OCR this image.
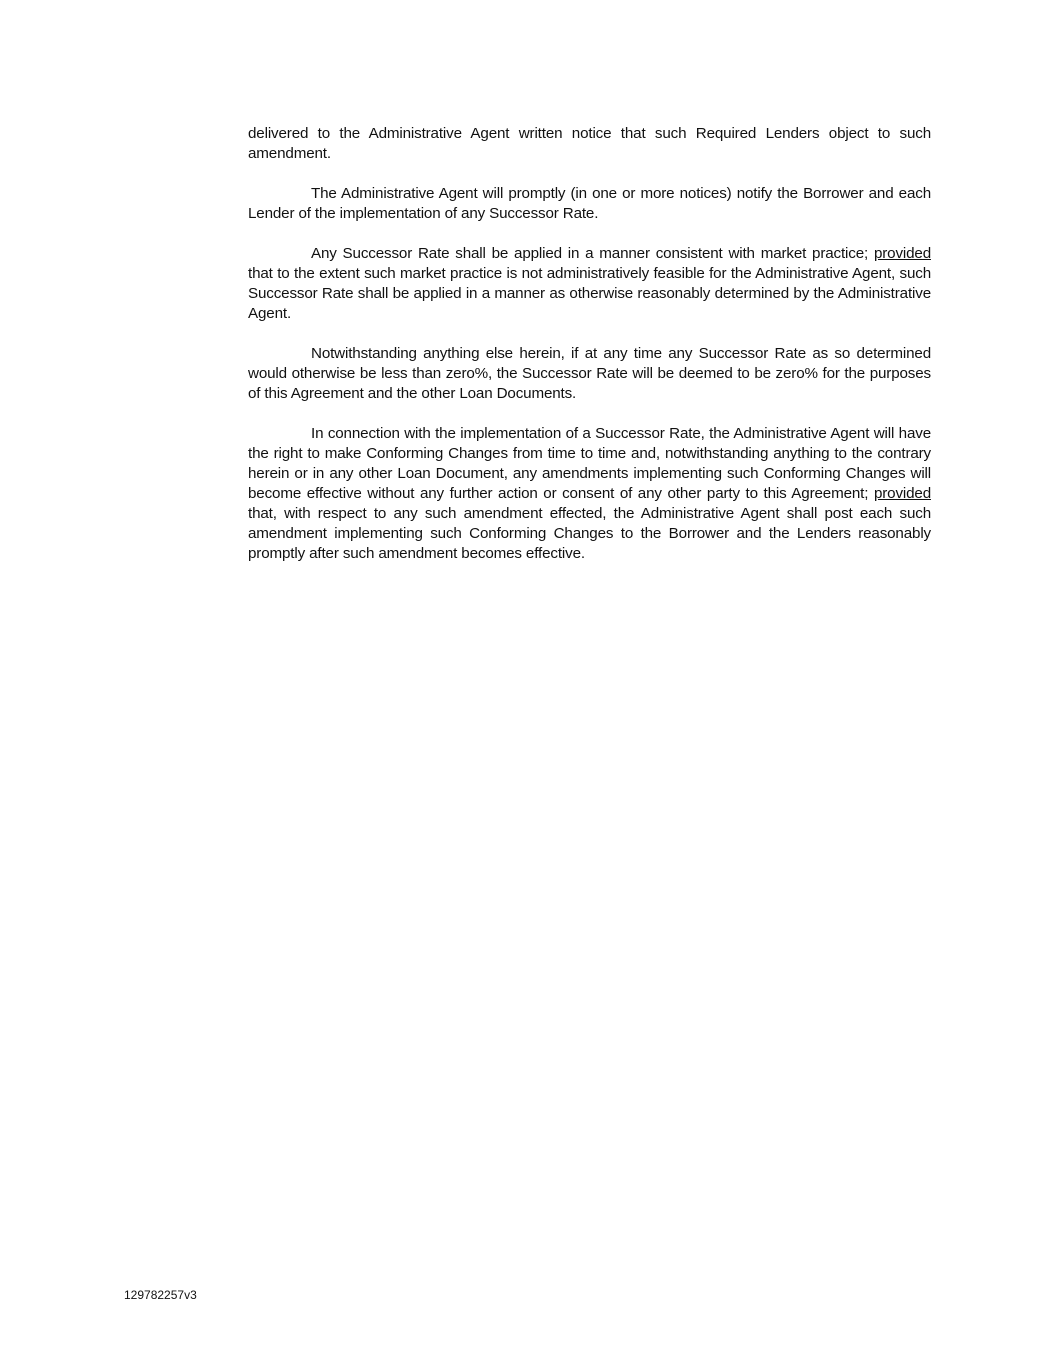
delivered to the Administrative Agent written notice that such Required Lenders object to such amendment.

The Administrative Agent will promptly (in one or more notices) notify the Borrower and each Lender of the implementation of any Successor Rate.

Any Successor Rate shall be applied in a manner consistent with market practice; provided that to the extent such market practice is not administratively feasible for the Administrative Agent, such Successor Rate shall be applied in a manner as otherwise reasonably determined by the Administrative Agent.

Notwithstanding anything else herein, if at any time any Successor Rate as so determined would otherwise be less than zero%, the Successor Rate will be deemed to be zero% for the purposes of this Agreement and the other Loan Documents.

In connection with the implementation of a Successor Rate, the Administrative Agent will have the right to make Conforming Changes from time to time and, notwithstanding anything to the contrary herein or in any other Loan Document, any amendments implementing such Conforming Changes will become effective without any further action or consent of any other party to this Agreement; provided that, with respect to any such amendment effected, the Administrative Agent shall post each such amendment implementing such Conforming Changes to the Borrower and the Lenders reasonably promptly after such amendment becomes effective.

129782257v3
